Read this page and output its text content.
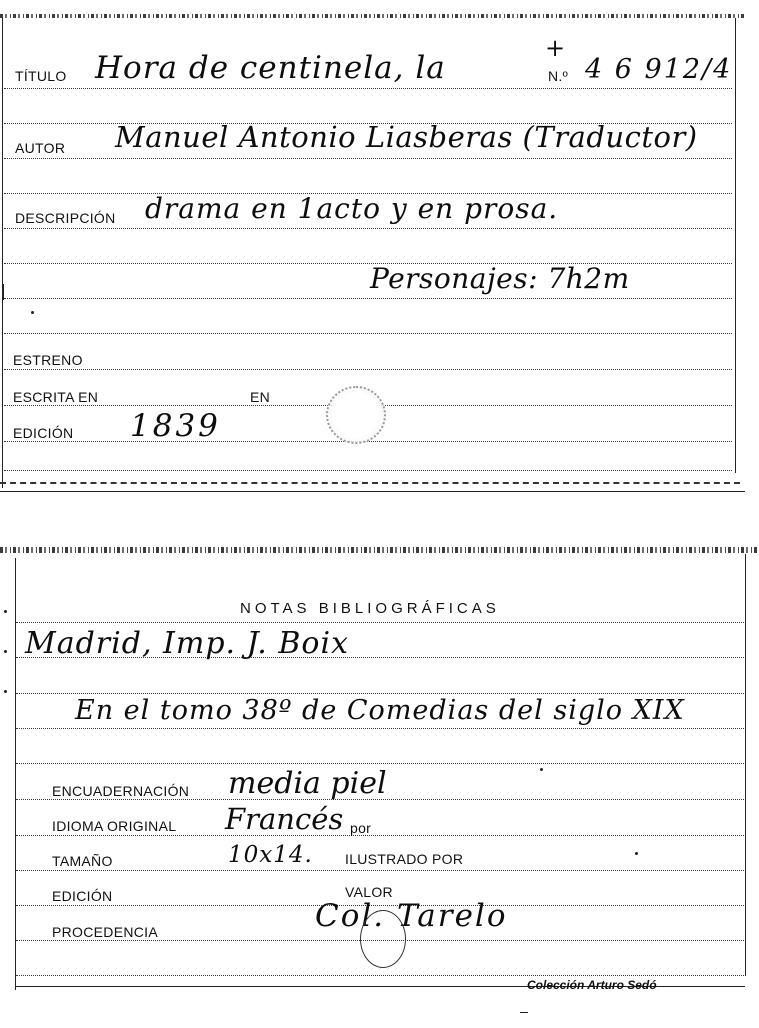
TÍTULO Hora de centinela, la
+
N.º 4 6 912/4
AUTOR Manuel Antonio Liasberas (Traductor)
DESCRIPCIÓN drama en 1acto y en prosa.
Personajes: 7h2m
ESTRENO
ESCRITA EN	EN
EDICIÓN 1839
NOTAS BIBLIOGRÁFICAS
Madrid, Imp. J. Boix
En el tomo 38º de Comedias del siglo XIX
ENCUADERNACIÓN media piel
IDIOMA ORIGINAL Francés por
TAMAÑO	10x14. ILUSTRADO POR
EDICIÓN	VALOR
PROCEDENCIA	Col. Tarelo
Colección Arturo Sedó
